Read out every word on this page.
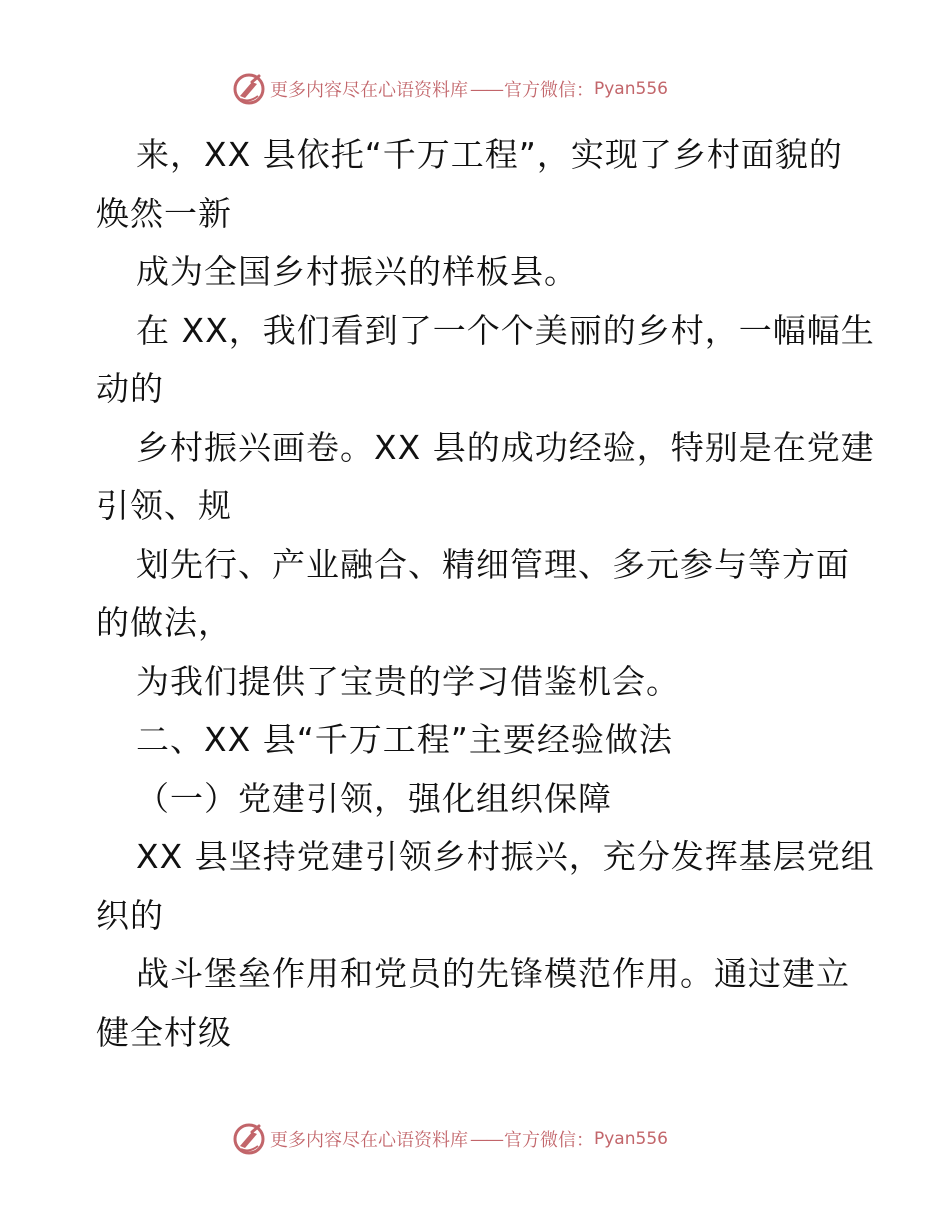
更多内容尽在心语资料库 —— 官方微信： Pyan556

来，XX 县依托“千万工程”，实现了乡村面貌的焕然一新

成为全国乡村振兴的样板县。

在 XX，我们看到了一个个美丽的乡村，一幅幅生动的

乡村振兴画卷。XX 县的成功经验，特别是在党建引领、规

划先行、产业融合、精细管理、多元参与等方面的做法，

为我们提供了宝贵的学习借鉴机会。

二、XX 县“千万工程”主要经验做法

（一）党建引领，强化组织保障

XX 县坚持党建引领乡村振兴，充分发挥基层党组织的

战斗堡垒作用和党员的先锋模范作用。通过建立健全村级

更多内容尽在心语资料库 —— 官方微信： Pyan556
